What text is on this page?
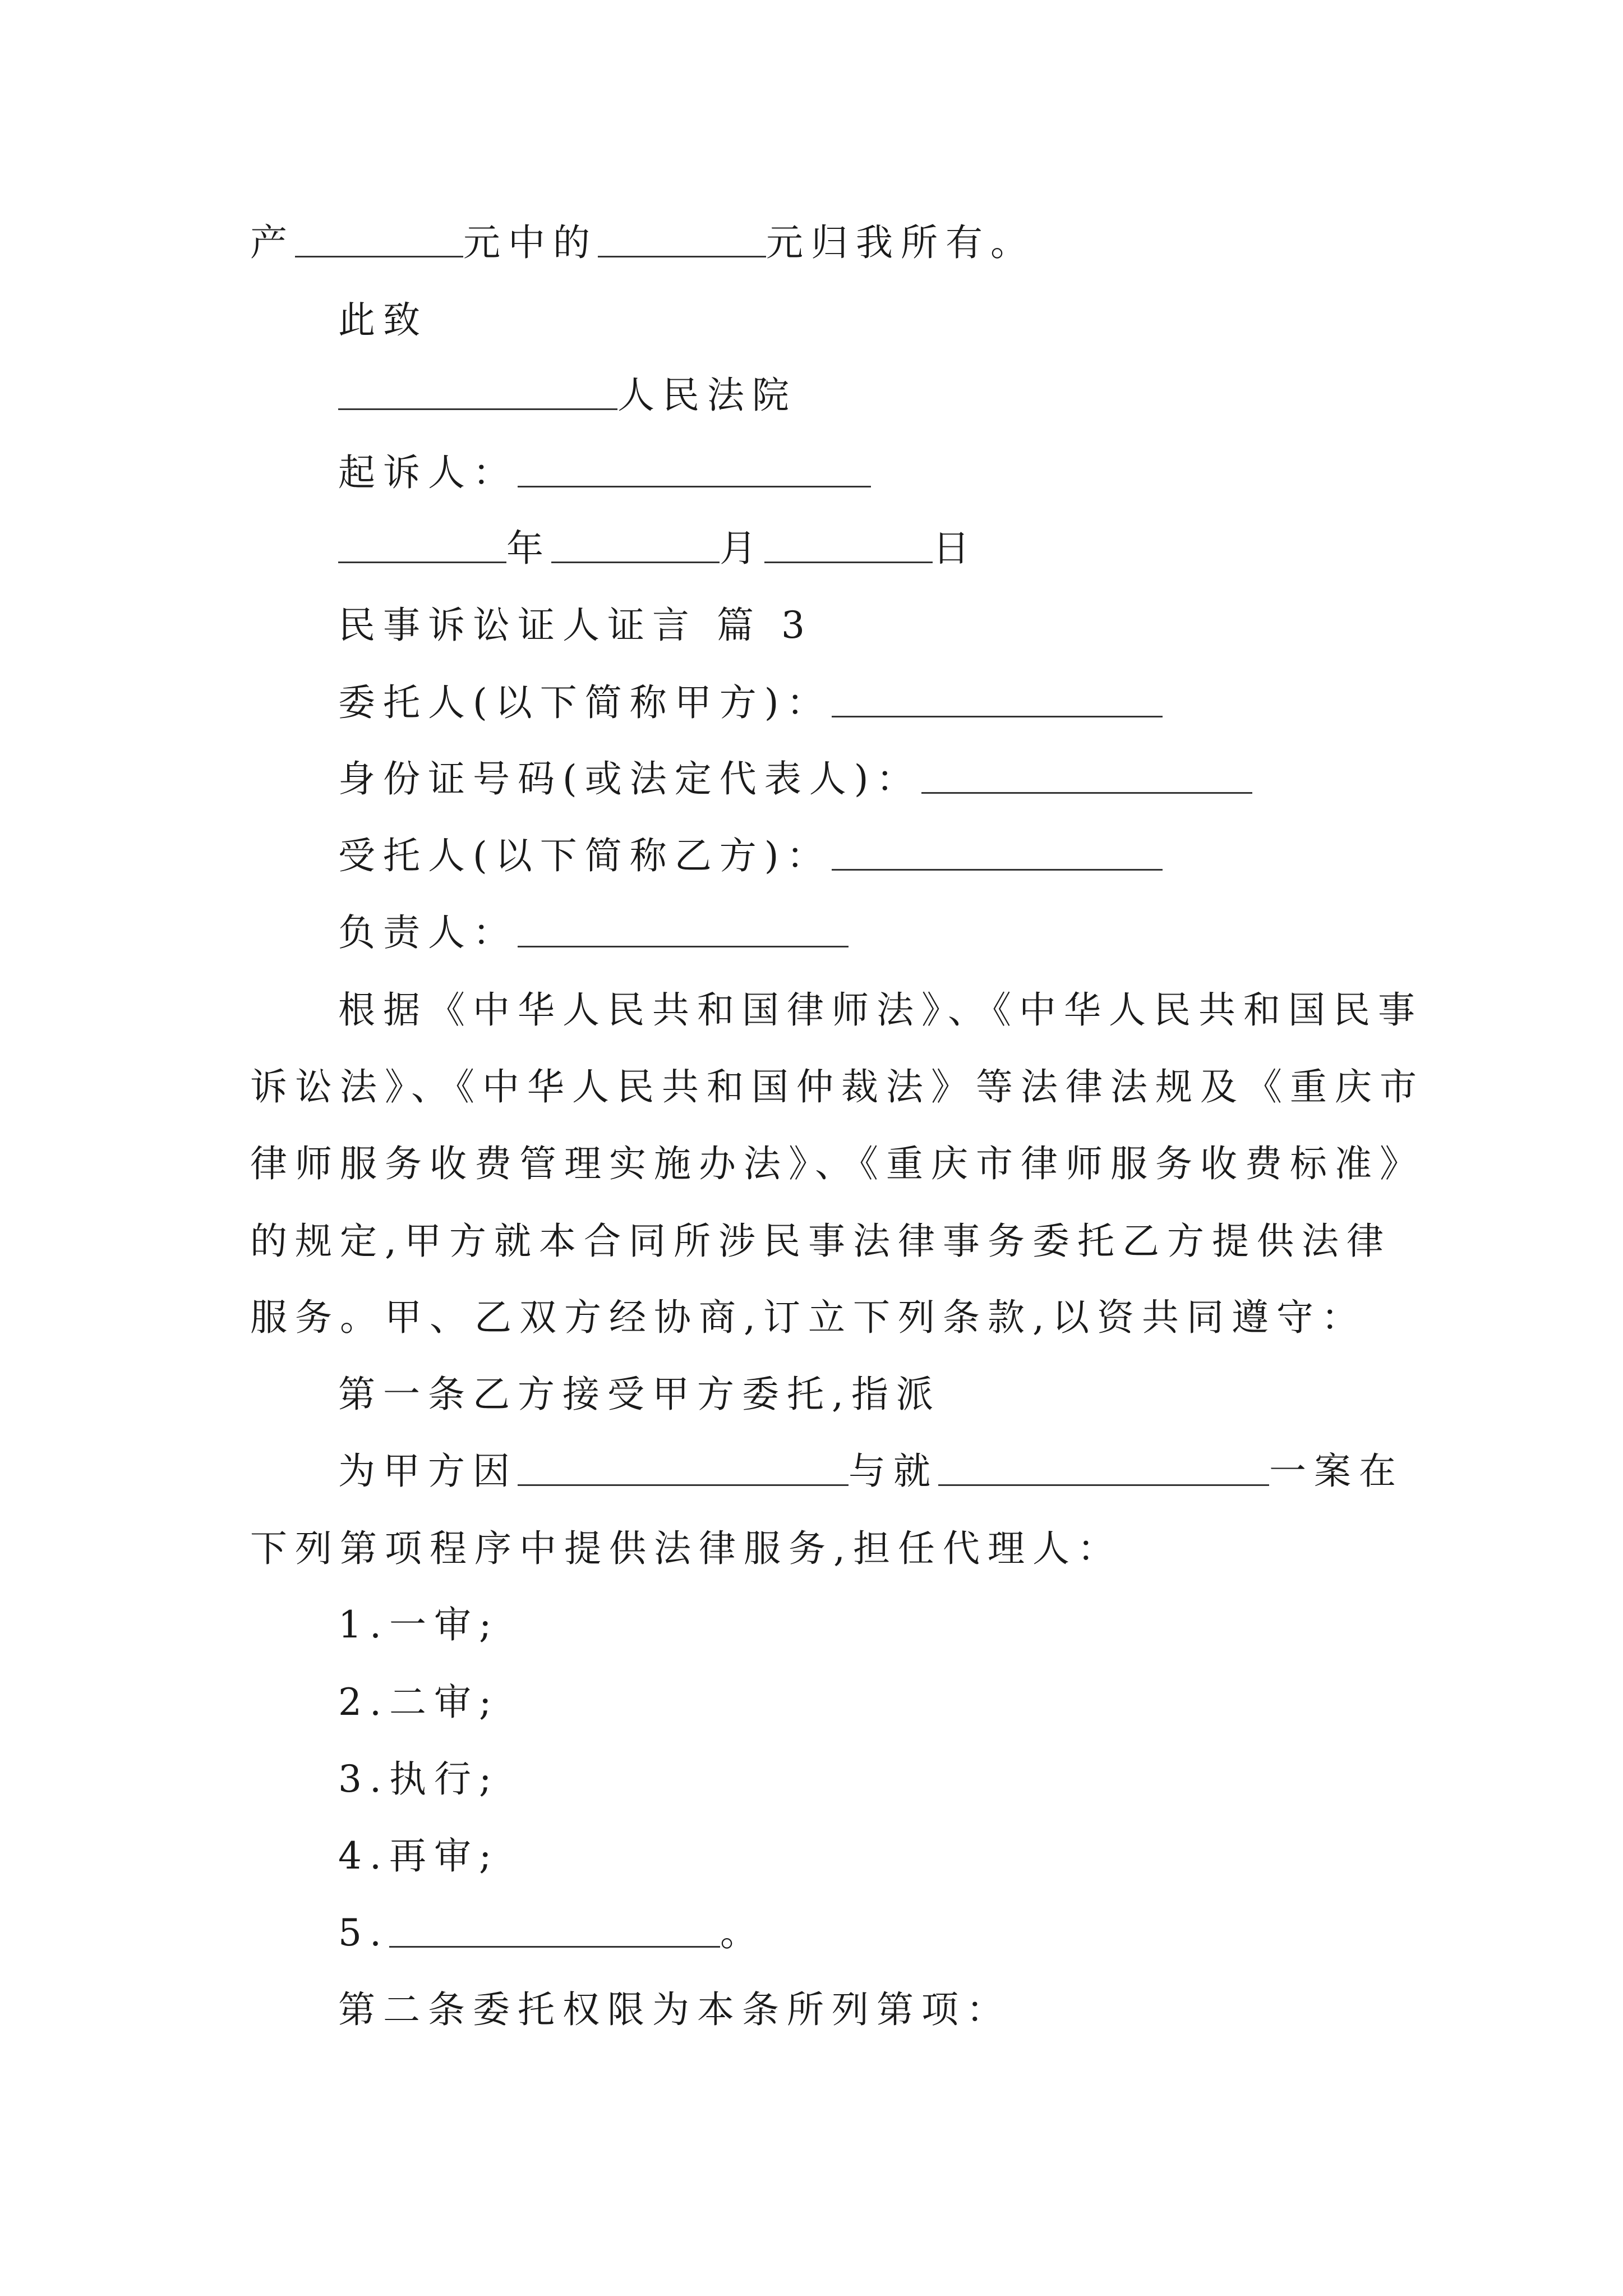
产	元中的	元归我所有。
此致
人民法院
起诉人：
年	月	日
民事诉讼证人证言 篇 3
委托人(以下简称甲方)：
身份证号码(或法定代表人)：
受托人(以下简称乙方)：
负责人：
根据《中华人民共和国律师法》、《中华人民共和国民事
诉讼法》、《中华人民共和国仲裁法》等法律法规及《重庆市
律师服务收费管理实施办法》、《重庆市律师服务收费标准》
的规定,甲方就本合同所涉民事法律事务委托乙方提供法律
服务。甲、乙双方经协商,订立下列条款,以资共同遵守：
第一条乙方接受甲方委托,指派
为甲方因	与就	一案在
下列第项程序中提供法律服务,担任代理人：
1.一审;
2.二审;
3.执行;
4.再审;
5.	。
第二条委托权限为本条所列第项：
